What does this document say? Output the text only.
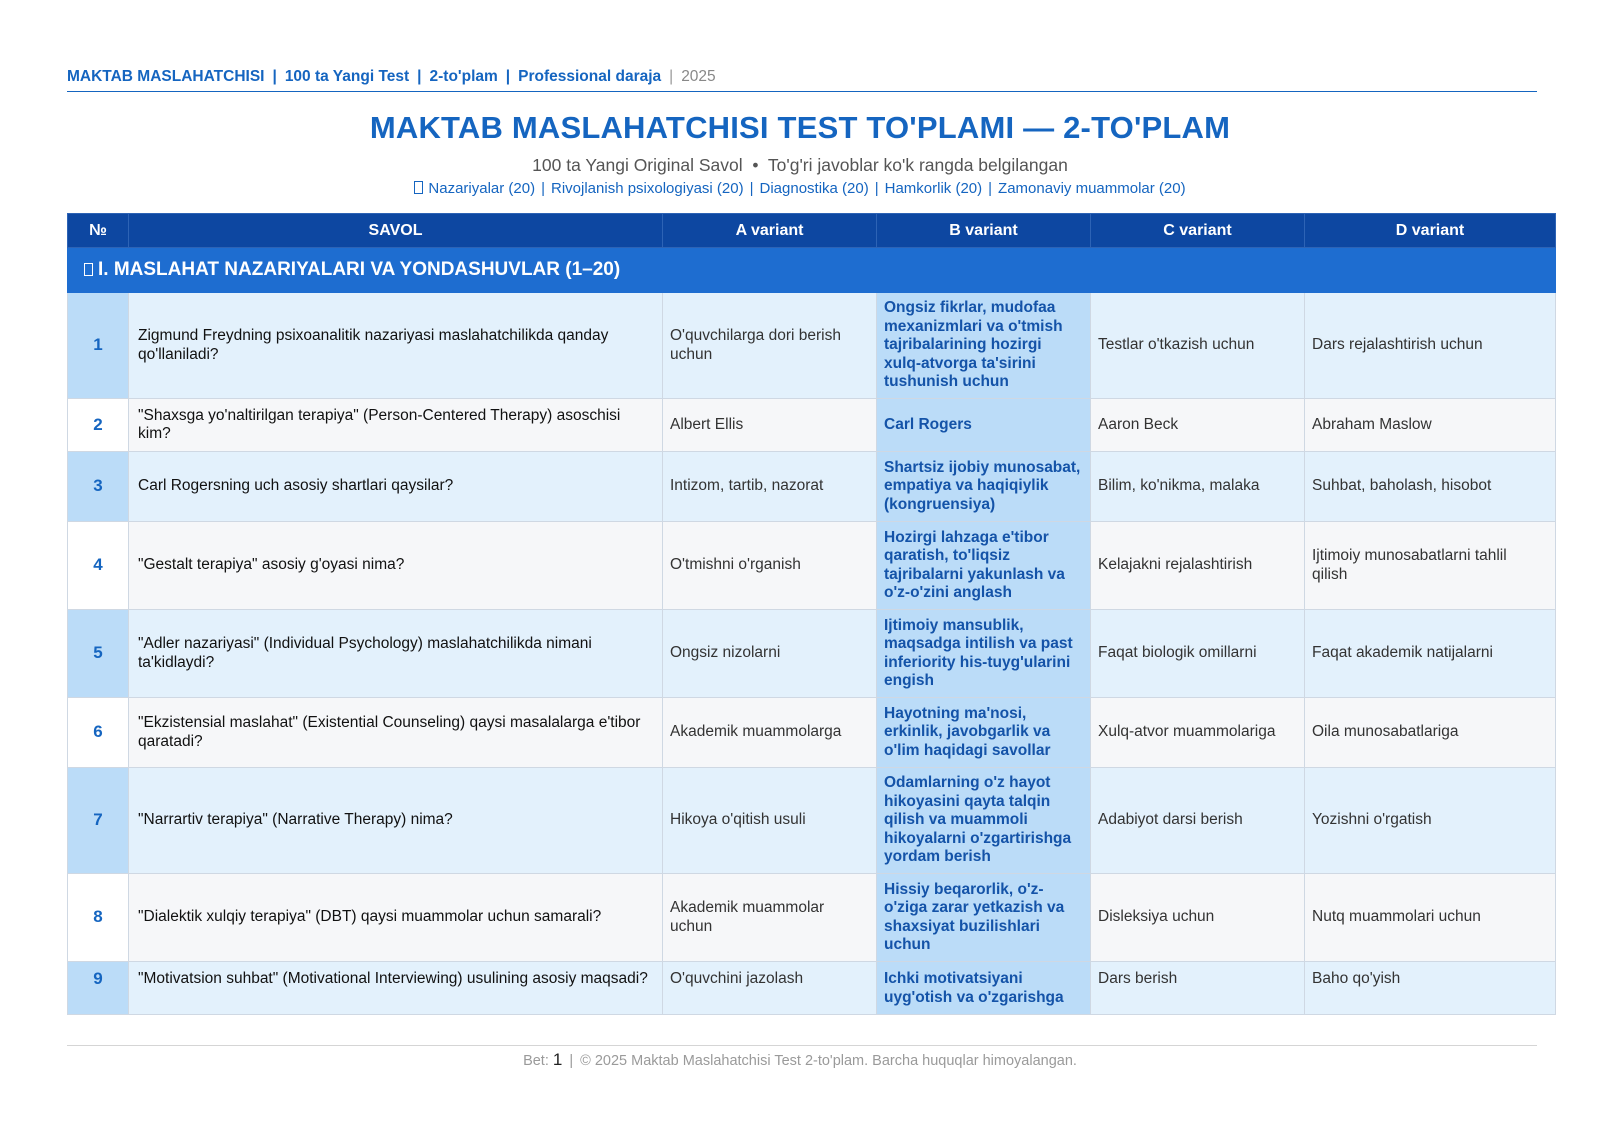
MAKTAB MASLAHATCHISI | 100 ta Yangi Test | 2-to'plam | Professional daraja | 2025
MAKTAB MASLAHATCHISI TEST TO'PLAMI — 2-TO'PLAM
100 ta Yangi Original Savol  •  To'g'ri javoblar ko'k rangda belgilangan
Nazariyalar (20) | Rivojlanish psixologiyasi (20) | Diagnostika (20) | Hamkorlik (20) | Zamonaviy muammolar (20)
№	SAVOL	A variant	B variant	C variant	D variant
I. MASLAHAT NAZARIYALARI VA YONDASHUVLAR (1–20)					
1	Zigmund Freydning psixoanalitik nazariyasi maslahatchilikda qanday qo'llaniladi?	O'quvchilarga dori berish uchun	Ongsiz fikrlar, mudofaa mexanizmlari va o'tmish tajribalarining hozirgi xulq-atvorga ta'sirini tushunish uchun	Testlar o'tkazish uchun	Dars rejalashtirish uchun
2	"Shaxsga yo'naltirilgan terapiya" (Person-Centered Therapy) asoschisi kim?	Albert Ellis	Carl Rogers	Aaron Beck	Abraham Maslow
3	Carl Rogersning uch asosiy shartlari qaysilar?	Intizom, tartib, nazorat	Shartsiz ijobiy munosabat, empatiya va haqiqiylik (kongruensiya)	Bilim, ko'nikma, malaka	Suhbat, baholash, hisobot
4	"Gestalt terapiya" asosiy g'oyasi nima?	O'tmishni o'rganish	Hozirgi lahzaga e'tibor qaratish, to'liqsiz tajribalarni yakunlash va o'z-o'zini anglash	Kelajakni rejalashtirish	Ijtimoiy munosabatlarni tahlil qilish
5	"Adler nazariyasi" (Individual Psychology) maslahatchilikda nimani ta'kidlaydi?	Ongsiz nizolarni	Ijtimoiy mansublik, maqsadga intilish va past inferiority his-tuyg'ularini engish	Faqat biologik omillarni	Faqat akademik natijalarni
6	"Ekzistensial maslahat" (Existential Counseling) qaysi masalalarga e'tibor qaratadi?	Akademik muammolarga	Hayotning ma'nosi, erkinlik, javobgarlik va o'lim haqidagi savollar	Xulq-atvor muammolariga	Oila munosabatlariga
7	"Narrartiv terapiya" (Narrative Therapy) nima?	Hikoya o'qitish usuli	Odamlarning o'z hayot hikoyasini qayta talqin qilish va muammoli hikoyalarni o'zgartirishga yordam berish	Adabiyot darsi berish	Yozishni o'rgatish
8	"Dialektik xulqiy terapiya" (DBT) qaysi muammolar uchun samarali?	Akademik muammolar uchun	Hissiy beqarorlik, o'z-o'ziga zarar yetkazish va shaxsiyat buzilishlari uchun	Disleksiya uchun	Nutq muammolari uchun
9	"Motivatsion suhbat" (Motivational Interviewing) usulining asosiy maqsadi?	O'quvchini jazolash	Ichki motivatsiyani uyg'otish va o'zgarishga	Dars berish	Baho qo'yish
Bet: 1 | © 2025 Maktab Maslahatchisi Test 2-to'plam. Barcha huquqlar himoyalangan.
